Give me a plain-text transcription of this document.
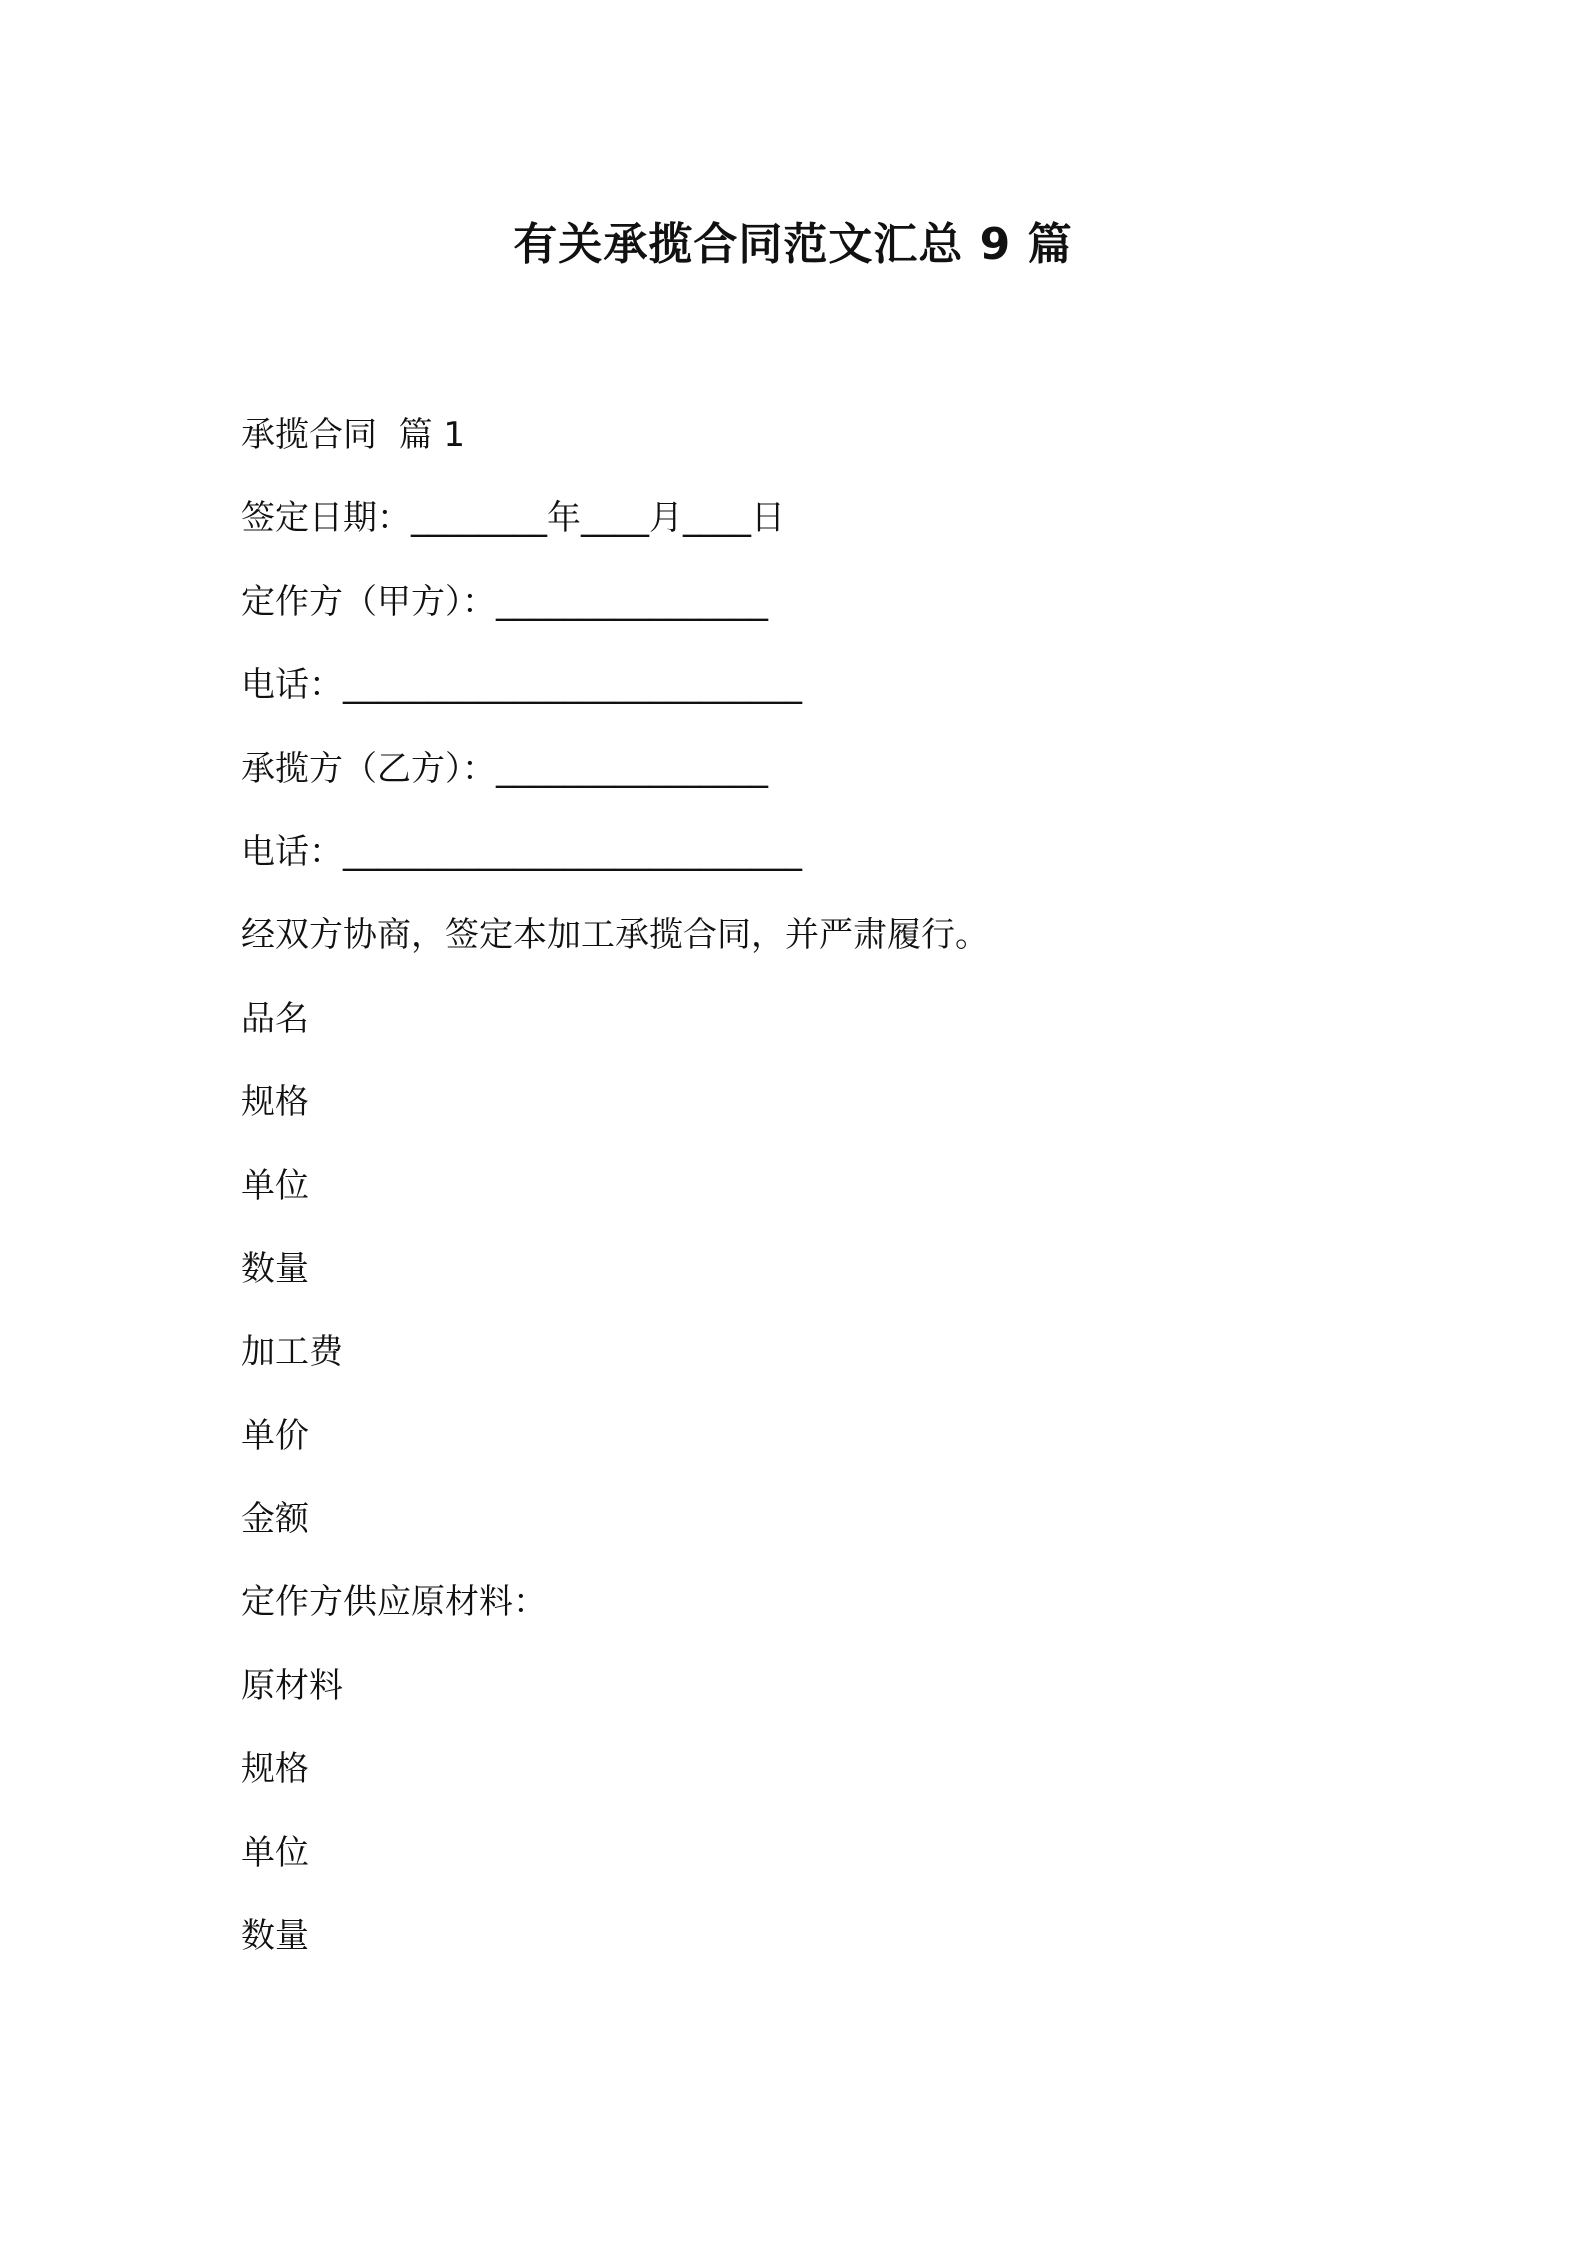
有关承揽合同范文汇总 9 篇

承揽合同  篇 1

签定日期：________年____月____日

定作方（甲方）：________________

电话：___________________________

承揽方（乙方）：________________

电话：___________________________

经双方协商，签定本加工承揽合同，并严肃履行。

品名

规格

单位

数量

加工费

单价

金额

定作方供应原材料：

原材料

规格

单位

数量
